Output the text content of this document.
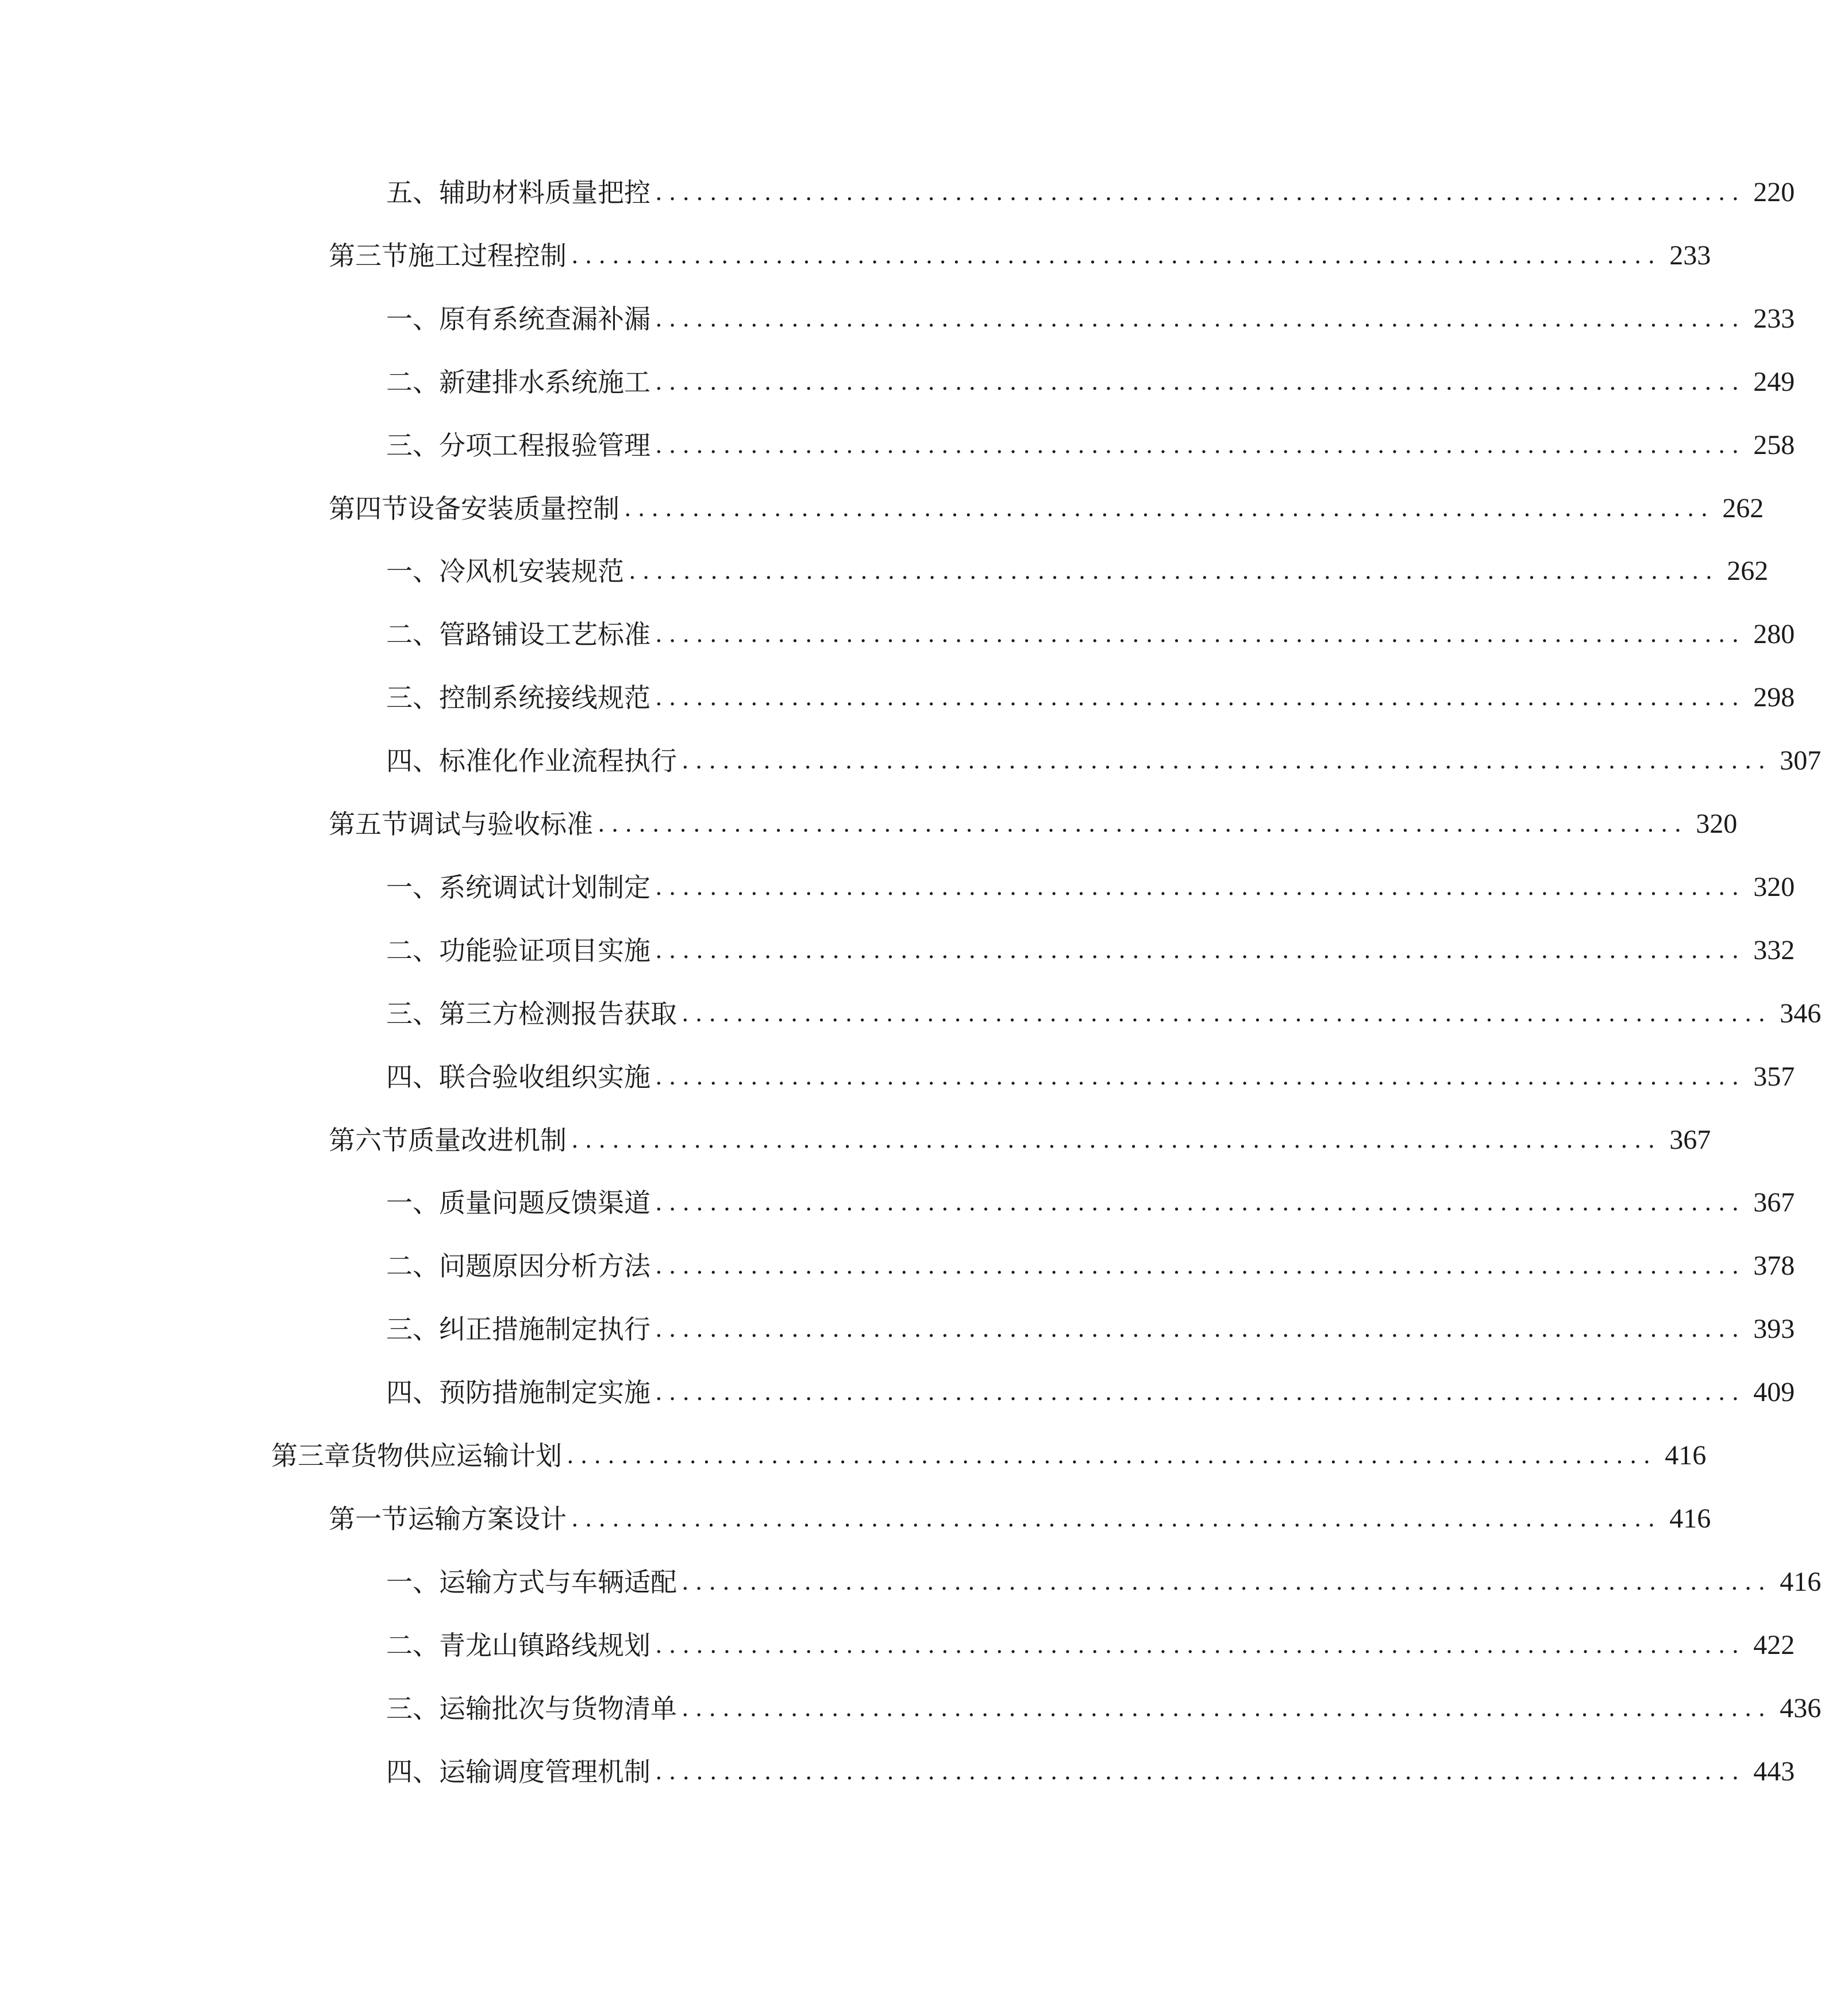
五、 辅助材料质量把控 ................................................................................ 220
第三节 施工过程控制 ................................................................................ 233
一、 原有系统查漏补漏 ................................................................................ 233
二、 新建排水系统施工 ................................................................................ 249
三、 分项工程报验管理 ................................................................................ 258
第四节 设备安装质量控制 ................................................................................ 262
一、 冷风机安装规范 ................................................................................ 262
二、 管路铺设工艺标准 ................................................................................ 280
三、 控制系统接线规范 ................................................................................ 298
四、 标准化作业流程执行 ................................................................................ 307
第五节 调试与验收标准 ................................................................................ 320
一、 系统调试计划制定 ................................................................................ 320
二、 功能验证项目实施 ................................................................................ 332
三、 第三方检测报告获取 ................................................................................ 346
四、 联合验收组织实施 ................................................................................ 357
第六节 质量改进机制 ................................................................................ 367
一、 质量问题反馈渠道 ................................................................................ 367
二、 问题原因分析方法 ................................................................................ 378
三、 纠正措施制定执行 ................................................................................ 393
四、 预防措施制定实施 ................................................................................ 409
第三章 货物供应运输计划 ................................................................................ 416
第一节 运输方案设计 ................................................................................ 416
一、 运输方式与车辆适配 ................................................................................ 416
二、 青龙山镇路线规划 ................................................................................ 422
三、 运输批次与货物清单 ................................................................................ 436
四、 运输调度管理机制 ................................................................................ 443
